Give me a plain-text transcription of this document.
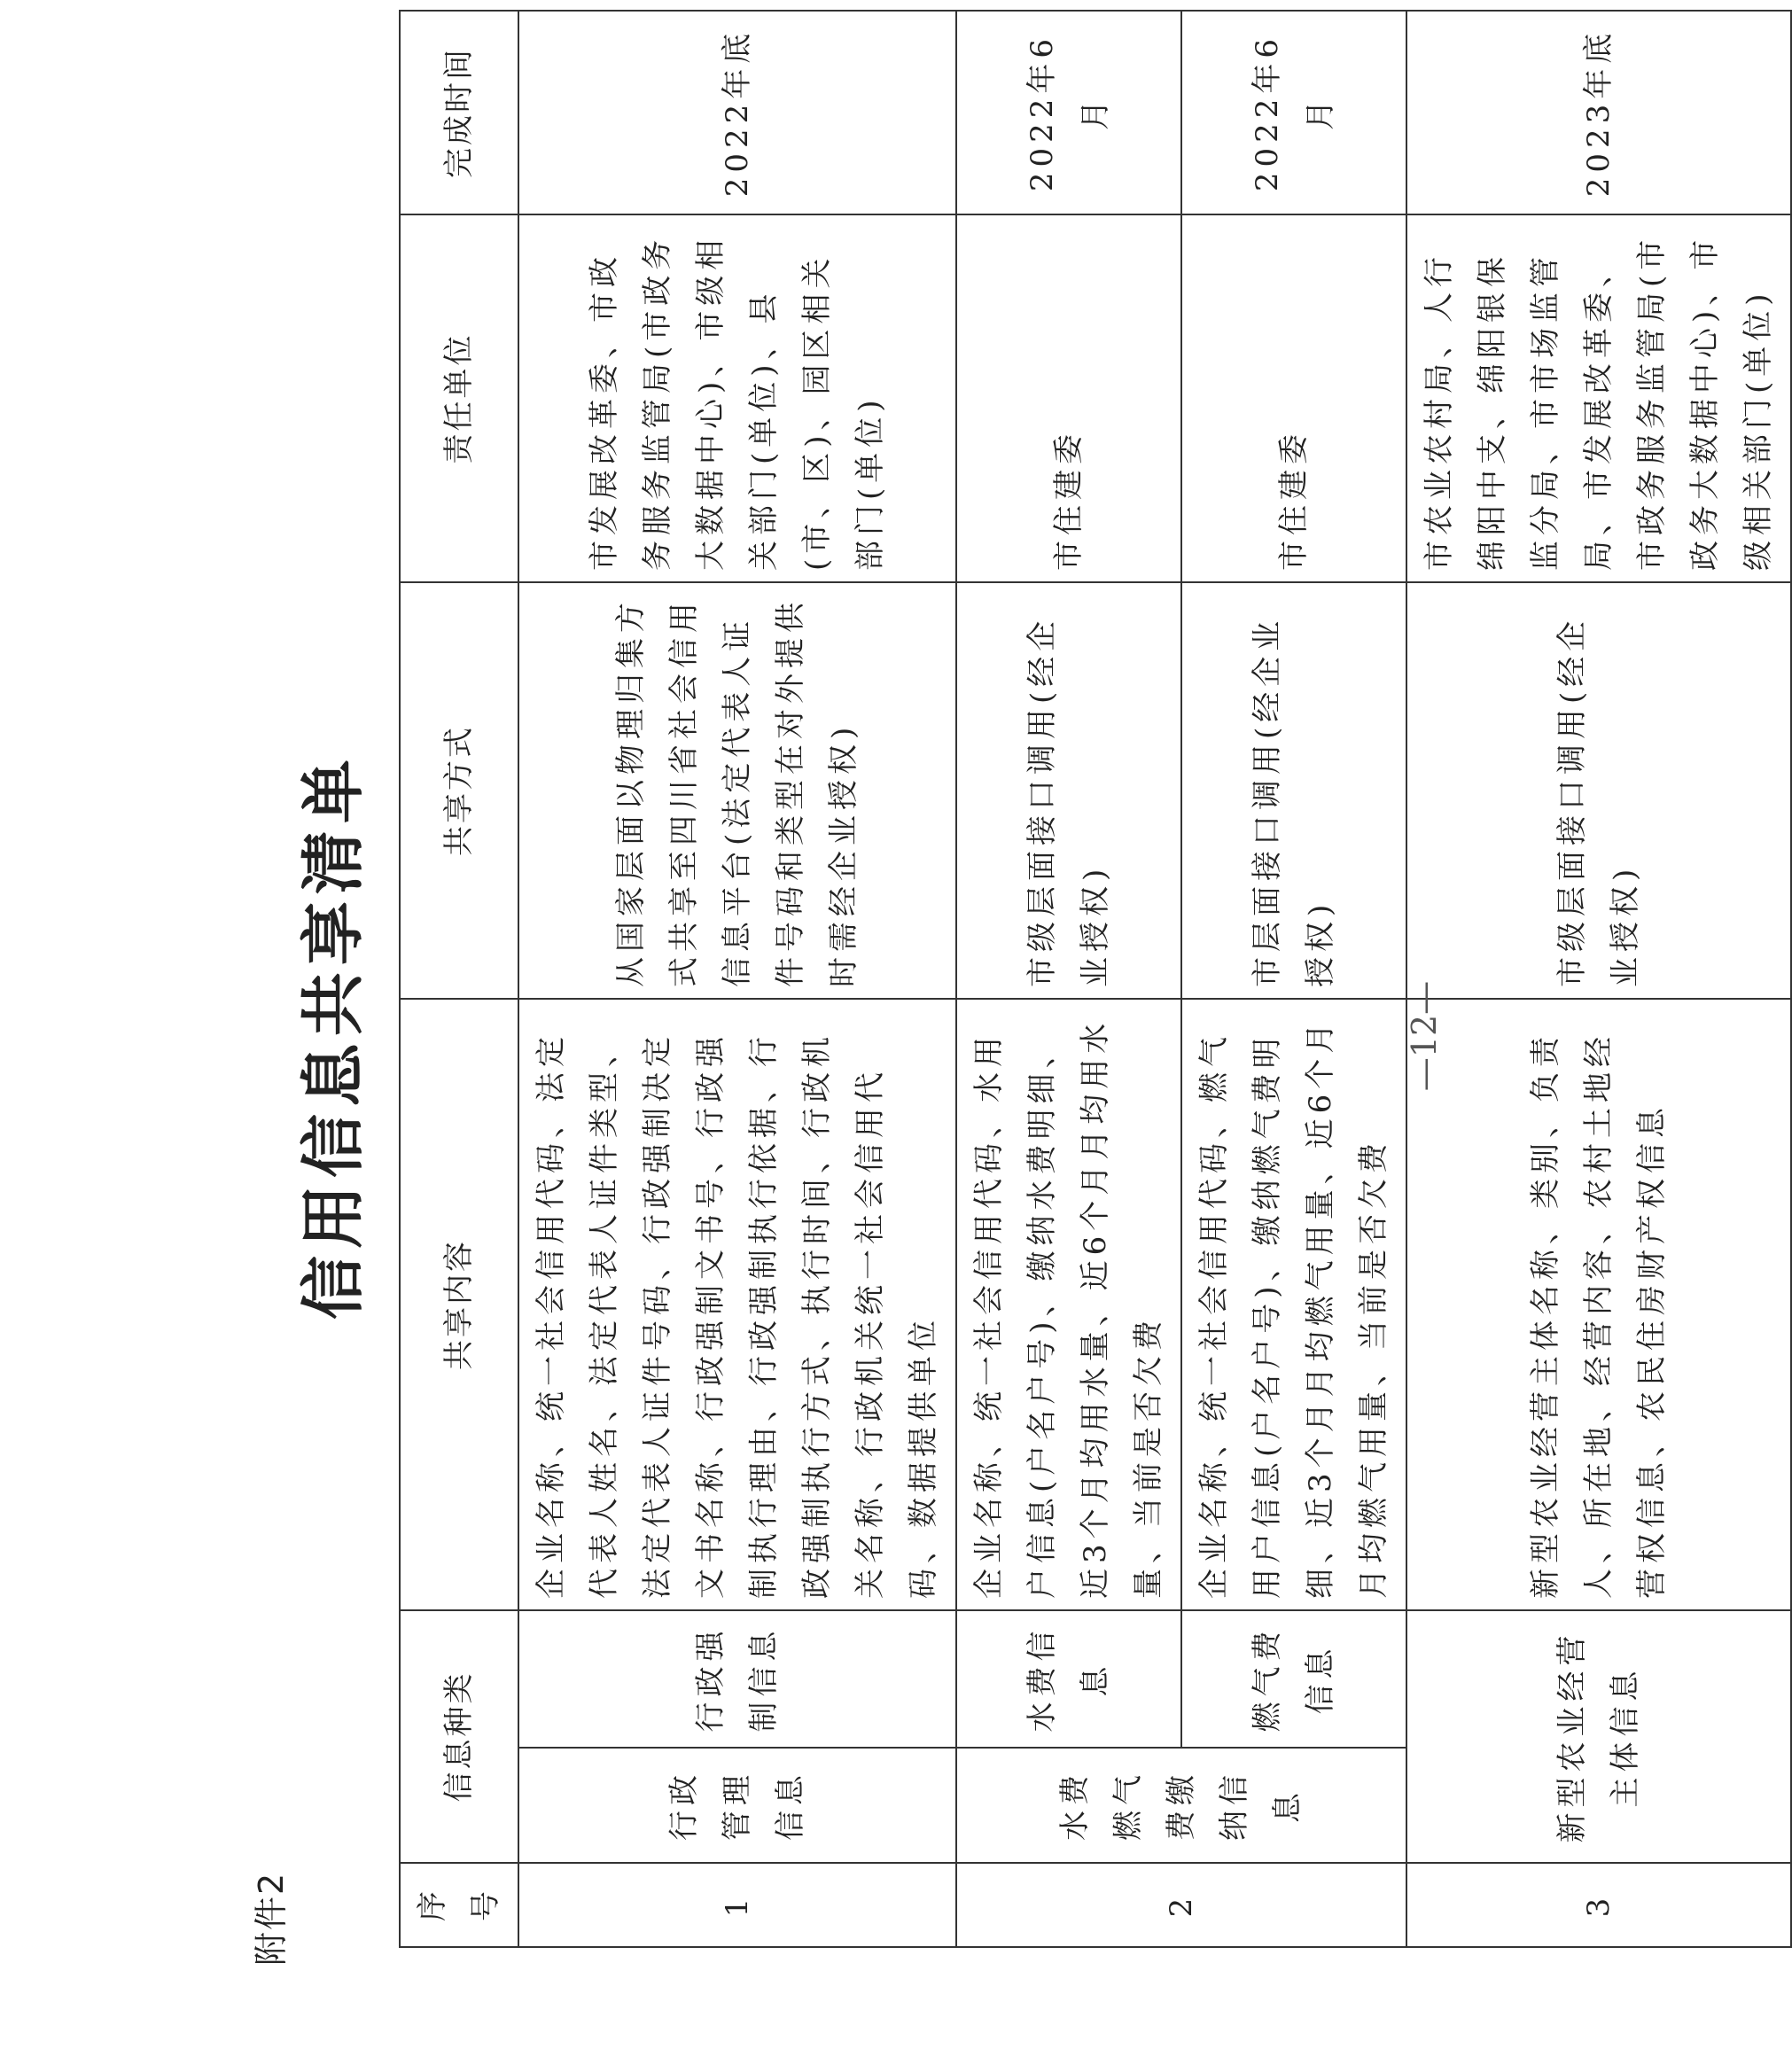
附件2
信用信息共享清单
序号	信息种类		共享内容	共享方式	责任单位	完成时间
1	行政管理信息	行政强制信息	企业名称、统一社会信用代码、法定代表人姓名、法定代表人证件类型、法定代表人证件号码、行政强制决定文书名称、行政强制文书号、行政强制执行理由、行政强制执行依据、行政强制执行方式、执行时间、行政机关名称、行政机关统一社会信用代码、数据提供单位	从国家层面以物理归集方式共享至四川省社会信用信息平台(法定代表人证件号码和类型在对外提供时需经企业授权)	市发展改革委、市政务服务监管局(市政务大数据中心)、市级相关部门(单位)、县(市、区)、园区相关部门(单位)	2022年底
2	水费燃气费缴纳信息	水费信息	企业名称、统一社会信用代码、水用户信息(户名户号)、缴纳水费明细、近3个月均用水量、近6个月月均用水量、当前是否欠费	市级层面接口调用(经企业授权)	市住建委	2022年6月
		燃气费信息	企业名称、统一社会信用代码、燃气用户信息(户名户号)、缴纳燃气费明细、近3个月月均燃气用量、近6个月月均燃气用量、当前是否欠费	市层面接口调用(经企业授权)	市住建委	2022年6月
3	新型农业经营主体信息		新型农业经营主体名称、类别、负责人、所在地、经营内容、农村土地经营权信息、农民住房财产权信息	市级层面接口调用(经企业授权)	市农业农村局、人行绵阳中支、绵阳银保监分局、市市场监管局、市发展改革委、市政务服务监管局(市政务大数据中心)、市级相关部门(单位)	2023年底
—12—
